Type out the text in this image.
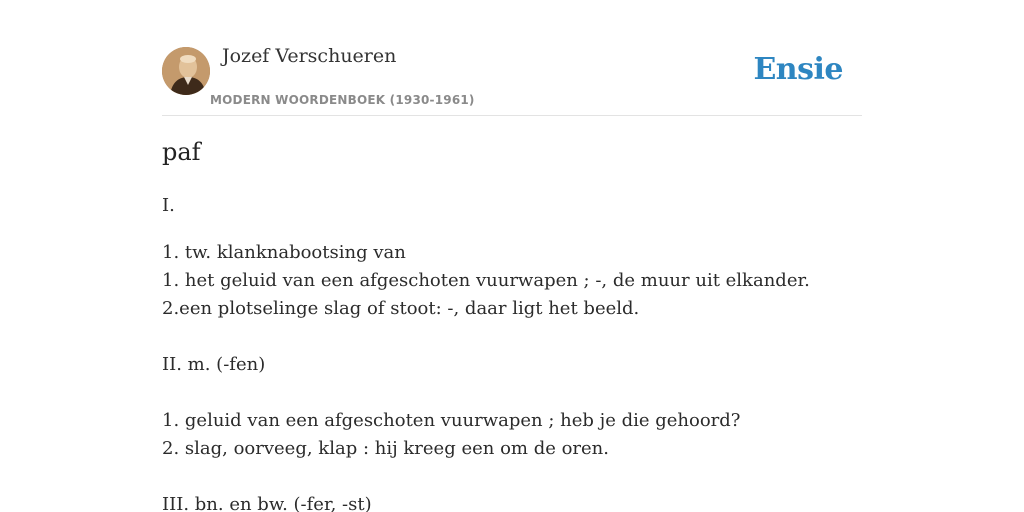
Jozef Verschueren
MODERN WOORDENBOEK (1930-1961)
Ensie
paf
I.
1. tw. klanknabootsing van
1. het geluid van een afgeschoten vuurwapen ; -, de muur uit elkander.
2.een plotselinge slag of stoot: -, daar ligt het beeld.
II. m. (-fen)
1. geluid van een afgeschoten vuurwapen ; heb je die gehoord?
2. slag, oorveeg, klap : hij kreeg een om de oren.
III. bn. en bw. (-fer, -st)
